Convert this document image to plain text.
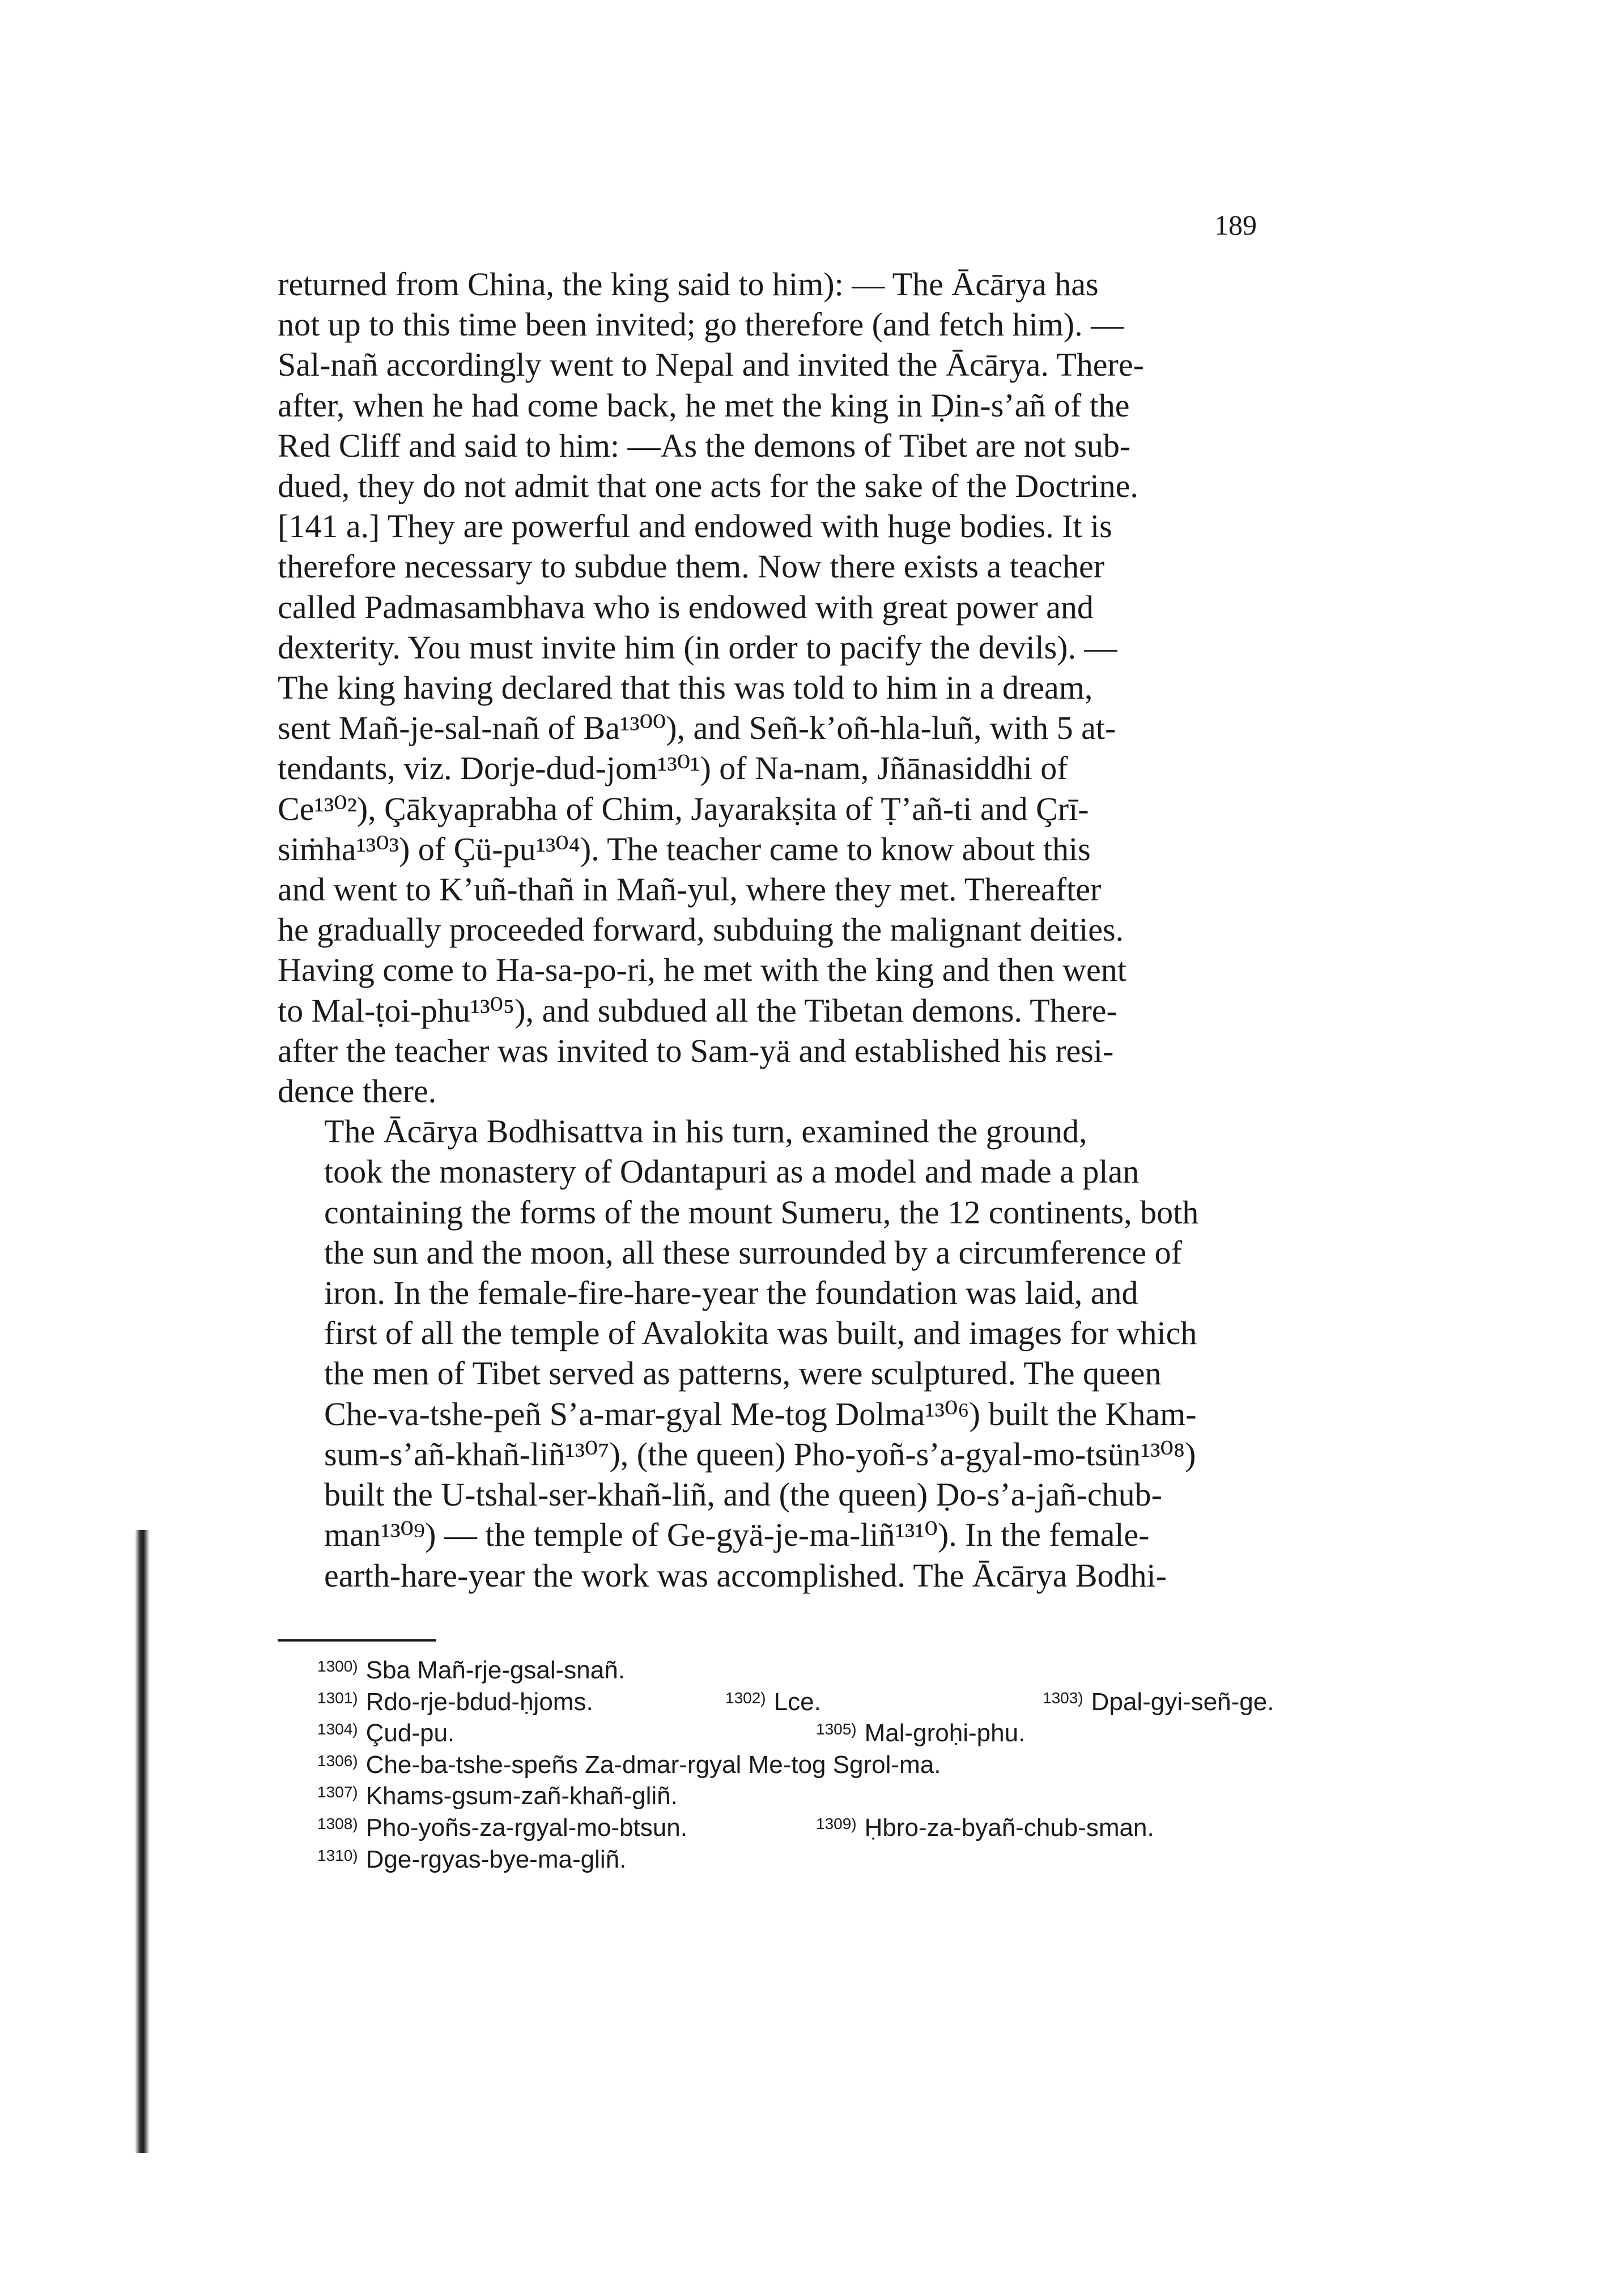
189

returned from China, the king said to him): — The Ācārya has
not up to this time been invited; go therefore (and fetch him). —
Sal-nañ accordingly went to Nepal and invited the Ācārya. There-
after, when he had come back, he met the king in Ḍin-s’añ of the
Red Cliff and said to him: —As the demons of Tibet are not sub-
dued, they do not admit that one acts for the sake of the Doctrine.
[141 a.] They are powerful and endowed with huge bodies. It is
therefore necessary to subdue them. Now there exists a teacher
called Padmasambhava who is endowed with great power and
dexterity. You must invite him (in order to pacify the devils). —
The king having declared that this was told to him in a dream,
sent Mañ-je-sal-nañ of Ba¹³⁰⁰), and Señ-k’oñ-hla-luñ, with 5 at-
tendants, viz. Dorje-dud-jom¹³⁰¹) of Na-nam, Jñānasiddhi of
Ce¹³⁰²), Çākyaprabha of Chim, Jayarakṣita of Ṭ’añ-ti and Çrī-
siṁha¹³⁰³) of Çü-pu¹³⁰⁴). The teacher came to know about this
and went to K’uñ-thañ in Mañ-yul, where they met. Thereafter
he gradually proceeded forward, subduing the malignant deities.
Having come to Ha-sa-po-ri, he met with the king and then went
to Mal-ṭoi-phu¹³⁰⁵), and subdued all the Tibetan demons. There-
after the teacher was invited to Sam-yä and established his resi-
dence there.

The Ācārya Bodhisattva in his turn, examined the ground,
took the monastery of Odantapuri as a model and made a plan
containing the forms of the mount Sumeru, the 12 continents, both
the sun and the moon, all these surrounded by a circumference of
iron. In the female-fire-hare-year the foundation was laid, and
first of all the temple of Avalokita was built, and images for which
the men of Tibet served as patterns, were sculptured. The queen
Che-va-tshe-peñ S’a-mar-gyal Me-tog Dolma¹³⁰⁶) built the Kham-
sum-s’añ-khañ-liñ¹³⁰⁷), (the queen) Pho-yoñ-s’a-gyal-mo-tsün¹³⁰⁸)
built the U-tshal-ser-khañ-liñ, and (the queen) Ḍo-s’a-jañ-chub-
man¹³⁰⁹) — the temple of Ge-gyä-je-ma-liñ¹³¹⁰). In the female-
earth-hare-year the work was accomplished. The Ācārya Bodhi-

$^{1300)}$ Sba Mañ-rje-gsal-snañ.
$^{1301)}$ Rdo-rje-bdud-ḥjoms.	$^{1302)}$ Lce.	$^{1303)}$ Dpal-gyi-señ-ge.
$^{1304)}$ Çud-pu.	$^{1305)}$ Mal-groḥi-phu.
$^{1306)}$ Che-ba-tshe-speñs Za-dmar-rgyal Me-tog Sgrol-ma.
$^{1307)}$ Khams-gsum-zañ-khañ-gliñ.
$^{1308)}$ Pho-yoñs-za-rgyal-mo-btsun.	$^{1309)}$ Ḥbro-za-byañ-chub-sman.
$^{1310)}$ Dge-rgyas-bye-ma-gliñ.
